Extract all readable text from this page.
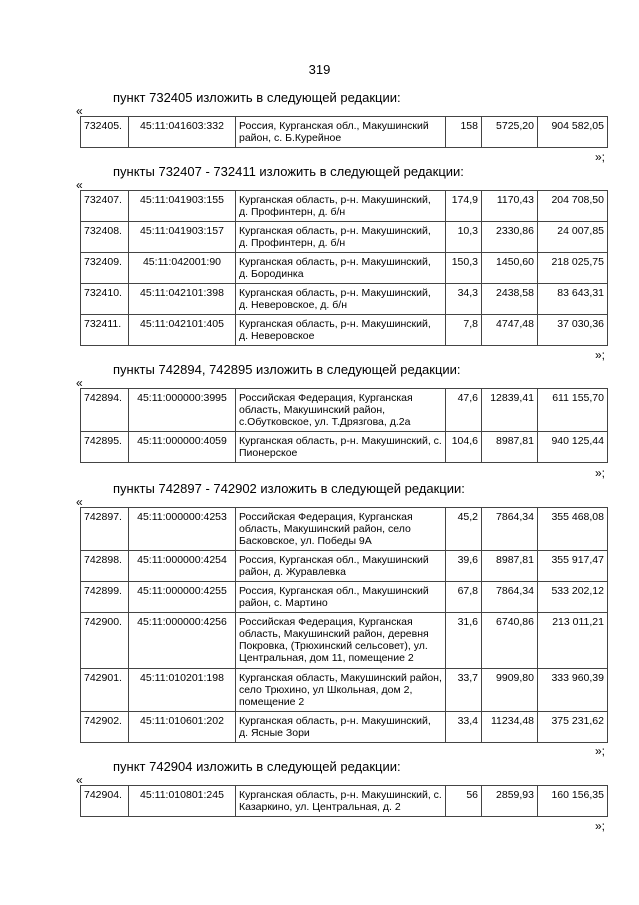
319
пункт 732405 изложить в следующей редакции:
«
732405.	45:11:041603:332	Россия, Курганская обл., Макушинский район, с. Б.Курейное	158	5725,20	904 582,05
»;
пункты 732407 - 732411 изложить в следующей редакции:
«
732407.	45:11:041903:155	Курганская область, р-н. Макушинский, д. Профинтерн, д. б/н	174,9	1170,43	204 708,50
732408.	45:11:041903:157	Курганская область, р-н. Макушинский, д. Профинтерн, д. б/н	10,3	2330,86	24 007,85
732409.	45:11:042001:90	Курганская область, р-н. Макушинский, д. Бородинка	150,3	1450,60	218 025,75
732410.	45:11:042101:398	Курганская область, р-н. Макушинский, д. Неверовское, д. б/н	34,3	2438,58	83 643,31
732411.	45:11:042101:405	Курганская область, р-н. Макушинский, д. Неверовское	7,8	4747,48	37 030,36
»;
пункты 742894, 742895 изложить в следующей редакции:
«
742894.	45:11:000000:3995	Российская Федерация, Курганская область, Макушинский район, с.Обутковское, ул. Т.Дрязгова, д.2а	47,6	12839,41	611 155,70
742895.	45:11:000000:4059	Курганская область, р-н. Макушинский, с. Пионерское	104,6	8987,81	940 125,44
»;
пункты 742897 - 742902 изложить в следующей редакции:
«
742897.	45:11:000000:4253	Российская Федерация, Курганская область, Макушинский район, село Басковское, ул. Победы 9А	45,2	7864,34	355 468,08
742898.	45:11:000000:4254	Россия, Курганская обл., Макушинский район, д. Журавлевка	39,6	8987,81	355 917,47
742899.	45:11:000000:4255	Россия, Курганская обл., Макушинский район, с. Мартино	67,8	7864,34	533 202,12
742900.	45:11:000000:4256	Российская Федерация, Курганская область, Макушинский район, деревня Покровка, (Трюхинский сельсовет), ул. Центральная, дом 11, помещение 2	31,6	6740,86	213 011,21
742901.	45:11:010201:198	Курганская область, Макушинский район, село Трюхино, ул Школьная, дом 2, помещение 2	33,7	9909,80	333 960,39
742902.	45:11:010601:202	Курганская область, р-н. Макушинский, д. Ясные Зори	33,4	11234,48	375 231,62
»;
пункт 742904 изложить в следующей редакции:
«
742904.	45:11:010801:245	Курганская область, р-н. Макушинский, с. Казаркино, ул. Центральная, д. 2	56	2859,93	160 156,35
»;
